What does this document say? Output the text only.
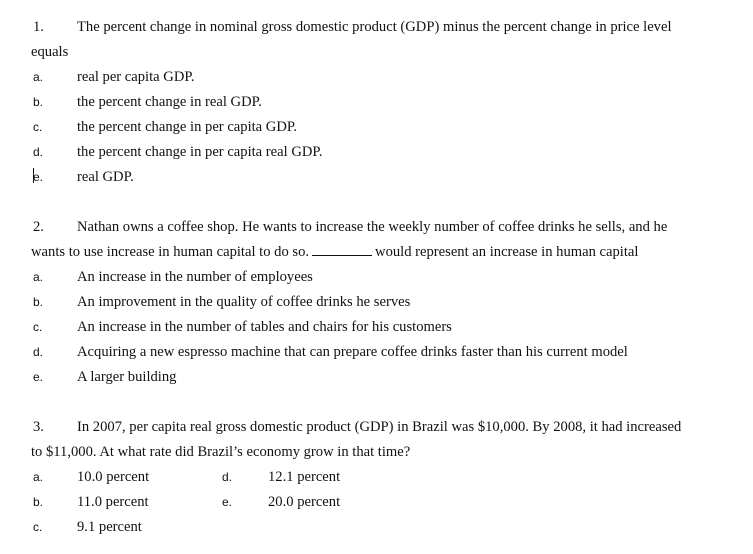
1. The percent change in nominal gross domestic product (GDP) minus the percent change in price level
equals
a. real per capita GDP.
b. the percent change in real GDP.
c. the percent change in per capita GDP.
d. the percent change in per capita real GDP.
e. real GDP.
2. Nathan owns a coffee shop. He wants to increase the weekly number of coffee drinks he sells, and he
wants to use increase in human capital to do so.	would represent an increase in human capital
a. An increase in the number of employees
b. An improvement in the quality of coffee drinks he serves
c. An increase in the number of tables and chairs for his customers
d. Acquiring a new espresso machine that can prepare coffee drinks faster than his current model
e. A larger building
3. In 2007, per capita real gross domestic product (GDP) in Brazil was $10,000. By 2008, it had increased
to $11,000. At what rate did Brazil’s economy grow in that time?
a. 10.0 percent	d. 12.1 percent
b. 11.0 percent	e. 20.0 percent
c. 9.1 percent
